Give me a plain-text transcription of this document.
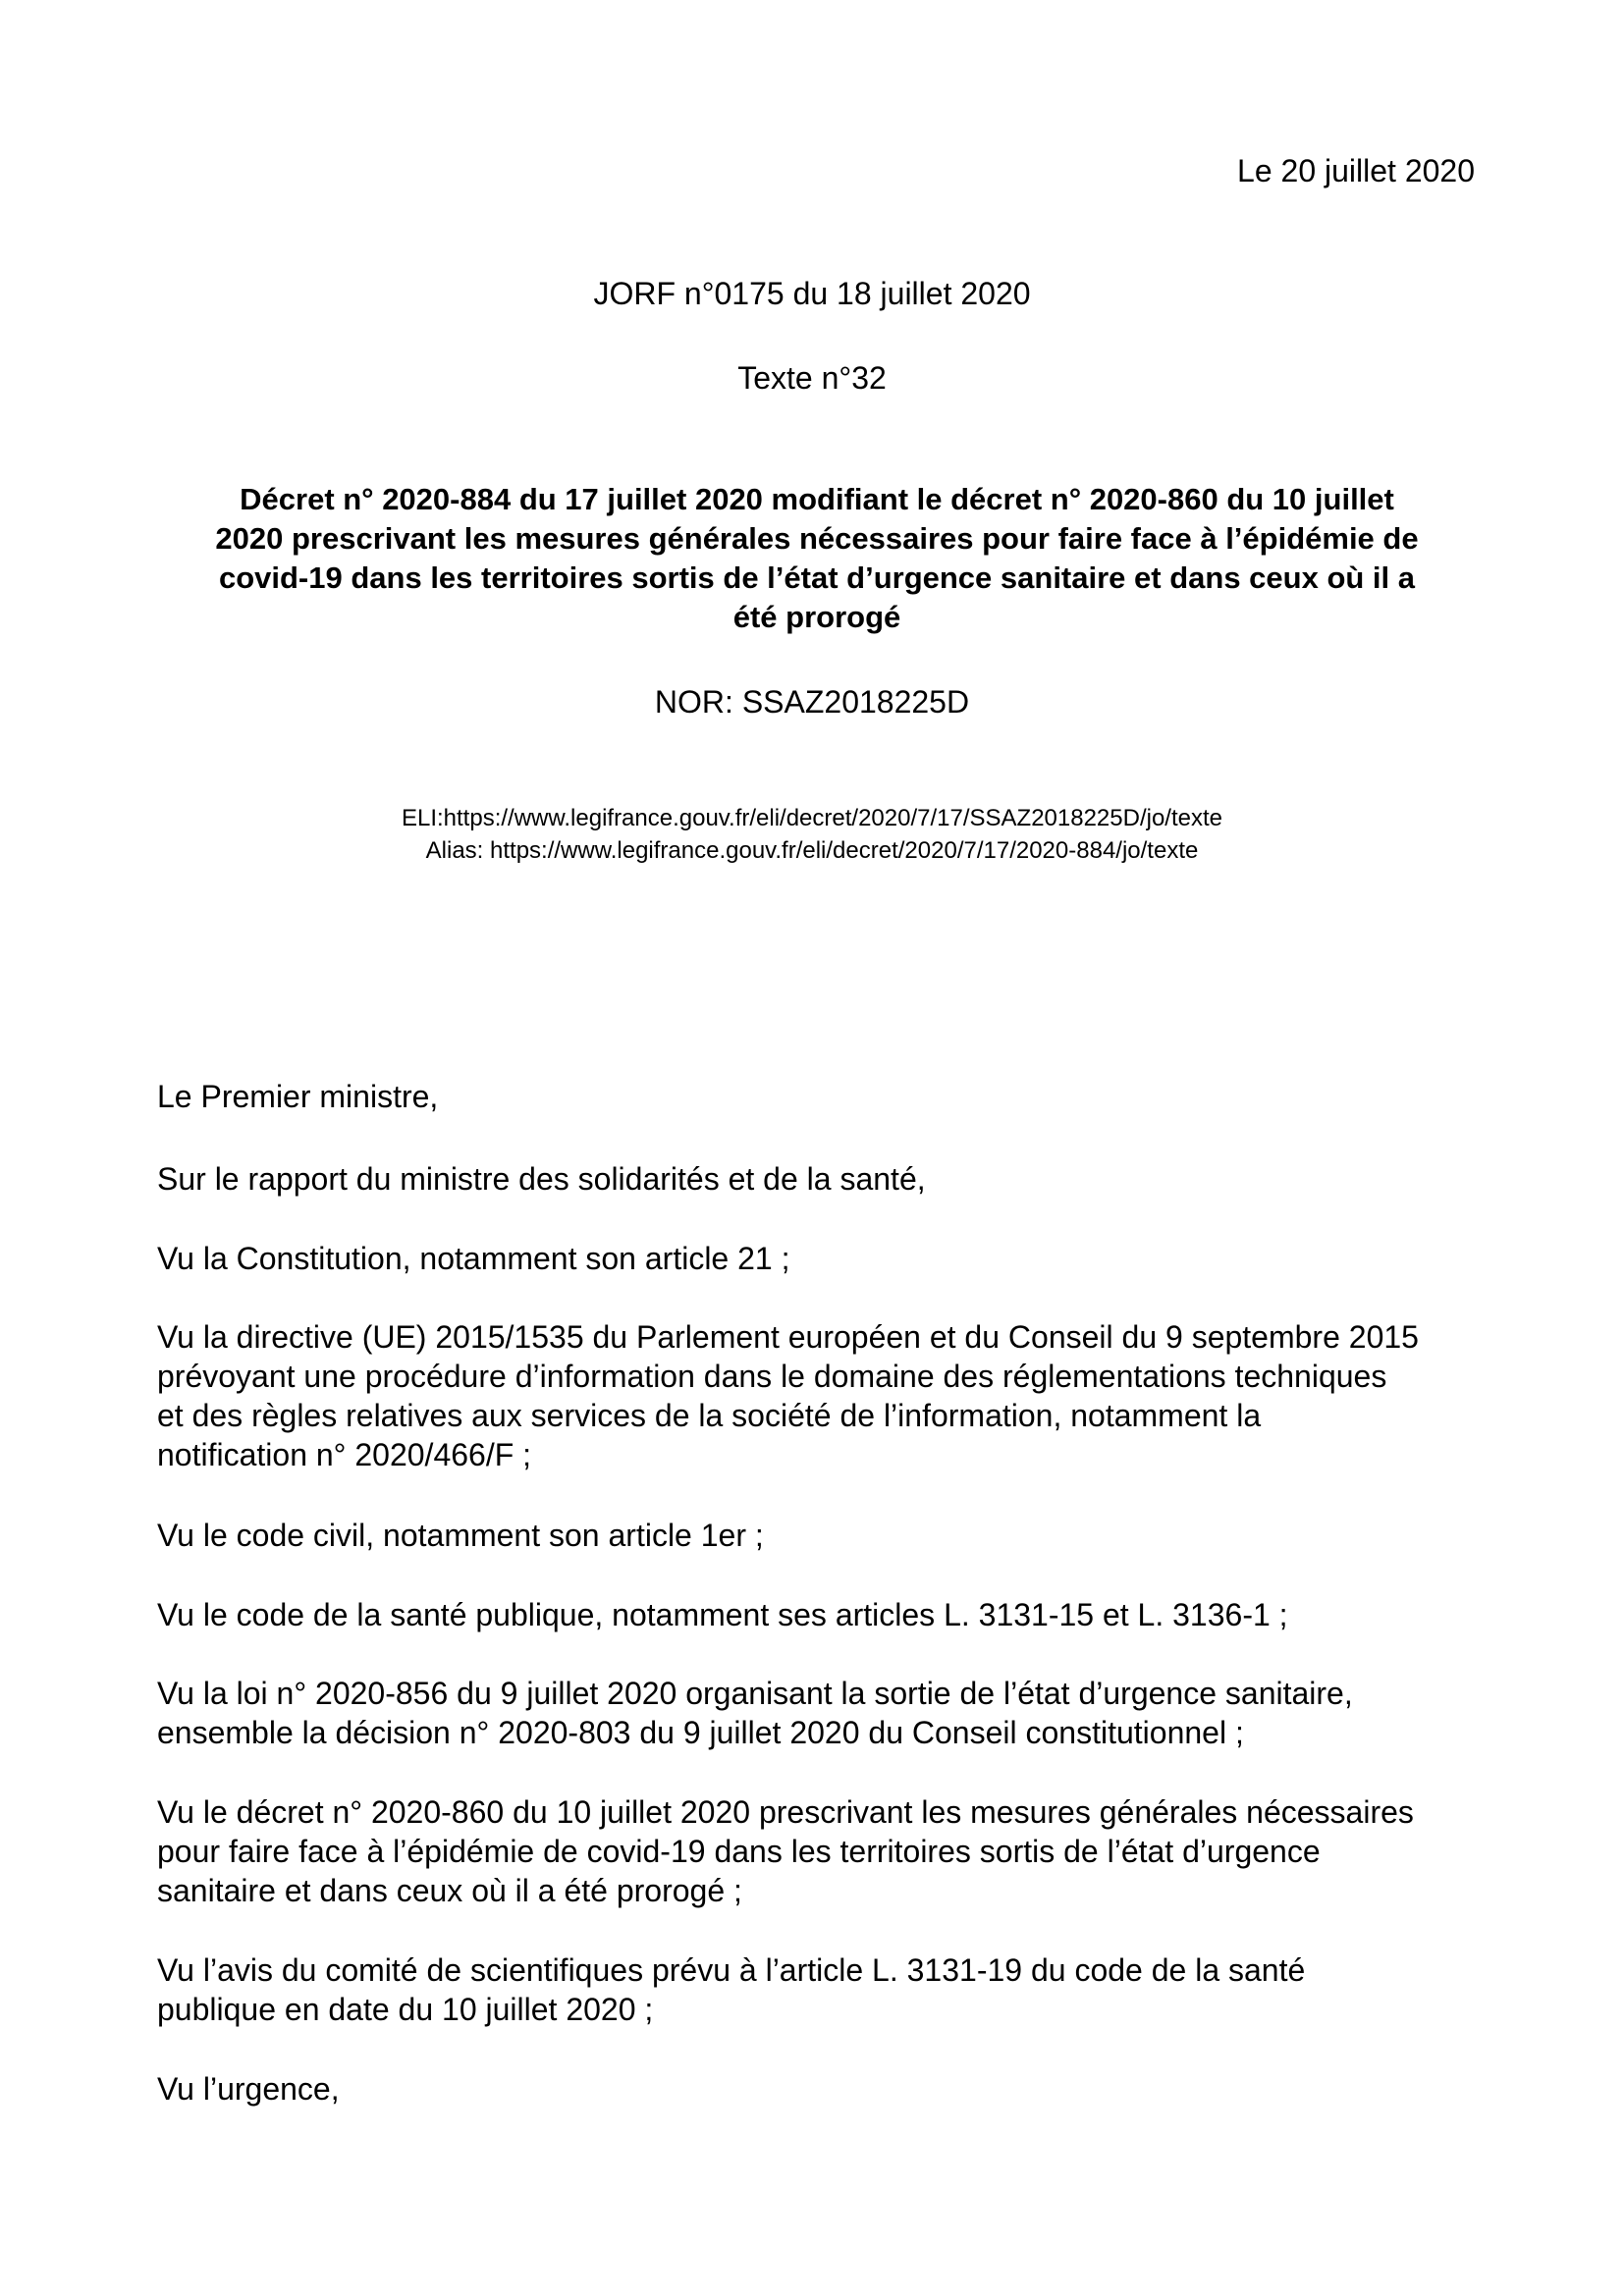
Le 20 juillet 2020
JORF n°0175 du 18 juillet 2020
Texte n°32
Décret n° 2020-884 du 17 juillet 2020 modifiant le décret n° 2020-860 du 10 juillet
2020 prescrivant les mesures générales nécessaires pour faire face à l’épidémie de
covid-19 dans les territoires sortis de l’état d’urgence sanitaire et dans ceux où il a
été prorogé
NOR: SSAZ2018225D
ELI:https://www.legifrance.gouv.fr/eli/decret/2020/7/17/SSAZ2018225D/jo/texte
Alias: https://www.legifrance.gouv.fr/eli/decret/2020/7/17/2020-884/jo/texte

Le Premier ministre,

Sur le rapport du ministre des solidarités et de la santé,

Vu la Constitution, notamment son article 21 ;

Vu la directive (UE) 2015/1535 du Parlement européen et du Conseil du 9 septembre 2015

prévoyant une procédure d’information dans le domaine des réglementations techniques

et des règles relatives aux services de la société de l’information, notamment la

notification n° 2020/466/F ;

Vu le code civil, notamment son article 1er ;

Vu le code de la santé publique, notamment ses articles L. 3131-15 et L. 3136-1 ;

Vu la loi n° 2020-856 du 9 juillet 2020 organisant la sortie de l’état d’urgence sanitaire,

ensemble la décision n° 2020-803 du 9 juillet 2020 du Conseil constitutionnel ;

Vu le décret n° 2020-860 du 10 juillet 2020 prescrivant les mesures générales nécessaires

pour faire face à l’épidémie de covid-19 dans les territoires sortis de l’état d’urgence

sanitaire et dans ceux où il a été prorogé ;

Vu l’avis du comité de scientifiques prévu à l’article L. 3131-19 du code de la santé

publique en date du 10 juillet 2020 ;

Vu l’urgence,
